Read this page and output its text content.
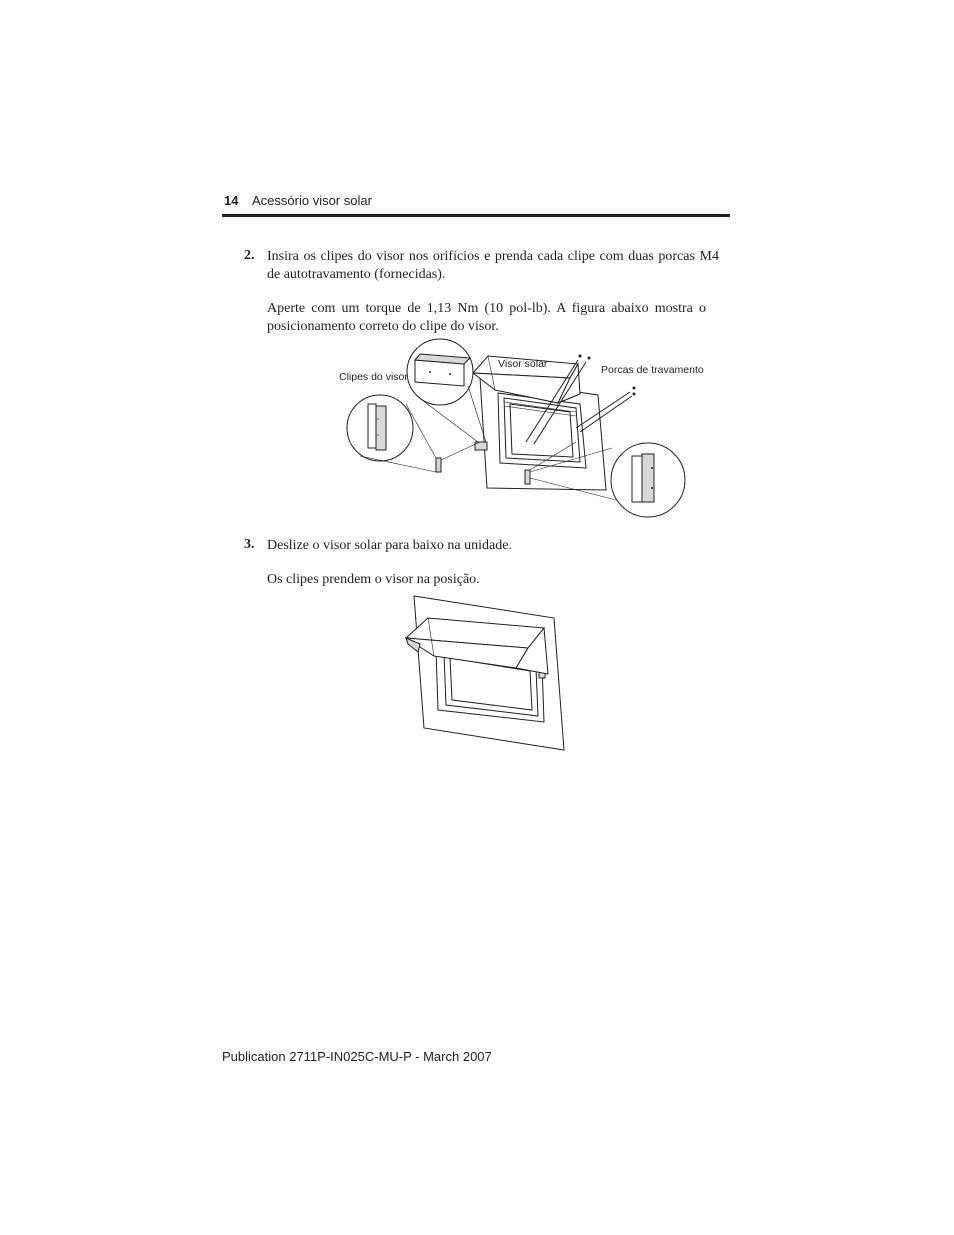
14 Acessório visor solar
2. Insira os clipes do visor nos orifícios e prenda cada clipe com duas porcas M4 de autotravamento (fornecidas).
Aperte com um torque de 1,13 Nm (10 pol-lb). A figura abaixo mostra o posicionamento correto do clipe do visor.
Clipes do visor
Visor solar	Porcas de travamento
3. Deslize o visor solar para baixo na unidade.
Os clipes prendem o visor na posição.
Publication 2711P-IN025C-MU-P - March 2007
